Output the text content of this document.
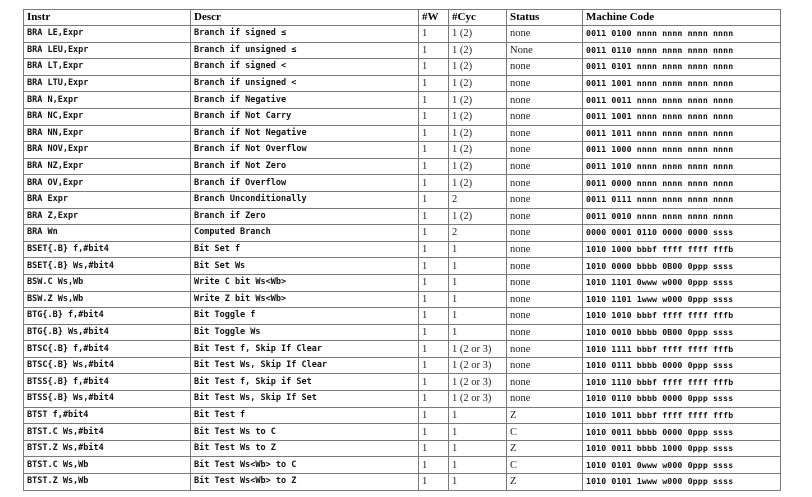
Instr	Descr	#W	#Cyc	Status	Machine Code
BRA LE,Expr	Branch if signed ≤	1	1 (2)	none	0011 0100 nnnn nnnn nnnn nnnn
BRA LEU,Expr	Branch if unsigned ≤	1	1 (2)	None	0011 0110 nnnn nnnn nnnn nnnn
BRA LT,Expr	Branch if signed <	1	1 (2)	none	0011 0101 nnnn nnnn nnnn nnnn
BRA LTU,Expr	Branch if unsigned <	1	1 (2)	none	0011 1001 nnnn nnnn nnnn nnnn
BRA N,Expr	Branch if Negative	1	1 (2)	none	0011 0011 nnnn nnnn nnnn nnnn
BRA NC,Expr	Branch if Not Carry	1	1 (2)	none	0011 1001 nnnn nnnn nnnn nnnn
BRA NN,Expr	Branch if Not Negative	1	1 (2)	none	0011 1011 nnnn nnnn nnnn nnnn
BRA NOV,Expr	Branch if Not Overflow	1	1 (2)	none	0011 1000 nnnn nnnn nnnn nnnn
BRA NZ,Expr	Branch if Not Zero	1	1 (2)	none	0011 1010 nnnn nnnn nnnn nnnn
BRA OV,Expr	Branch if Overflow	1	1 (2)	none	0011 0000 nnnn nnnn nnnn nnnn
BRA Expr	Branch Unconditionally	1	2	none	0011 0111 nnnn nnnn nnnn nnnn
BRA Z,Expr	Branch if Zero	1	1 (2)	none	0011 0010 nnnn nnnn nnnn nnnn
BRA Wn	Computed Branch	1	2	none	0000 0001 0110 0000 0000 ssss
BSET{.B} f,#bit4	Bit Set f	1	1	none	1010 1000 bbbf ffff ffff fffb
BSET{.B} Ws,#bit4	Bit Set Ws	1	1	none	1010 0000 bbbb 0B00 0ppp ssss
BSW.C Ws,Wb	Write C bit Ws<Wb>	1	1	none	1010 1101 0www w000 0ppp ssss
BSW.Z Ws,Wb	Write Z bit Ws<Wb>	1	1	none	1010 1101 1www w000 0ppp ssss
BTG{.B} f,#bit4	Bit Toggle f	1	1	none	1010 1010 bbbf ffff ffff fffb
BTG{.B} Ws,#bit4	Bit Toggle Ws	1	1	none	1010 0010 bbbb 0B00 0ppp ssss
BTSC{.B} f,#bit4	Bit Test f, Skip If Clear	1	1 (2 or 3)	none	1010 1111 bbbf ffff ffff fffb
BTSC{.B} Ws,#bit4	Bit Test Ws, Skip If Clear	1	1 (2 or 3)	none	1010 0111 bbbb 0000 0ppp ssss
BTSS{.B} f,#bit4	Bit Test f, Skip if Set	1	1 (2 or 3)	none	1010 1110 bbbf ffff ffff fffb
BTSS{.B} Ws,#bit4	Bit Test Ws, Skip If Set	1	1 (2 or 3)	none	1010 0110 bbbb 0000 0ppp ssss
BTST f,#bit4	Bit Test f	1	1	Z	1010 1011 bbbf ffff ffff fffb
BTST.C Ws,#bit4	Bit Test Ws to C	1	1	C	1010 0011 bbbb 0000 0ppp ssss
BTST.Z Ws,#bit4	Bit Test Ws to Z	1	1	Z	1010 0011 bbbb 1000 0ppp ssss
BTST.C Ws,Wb	Bit Test Ws<Wb> to C	1	1	C	1010 0101 0www w000 0ppp ssss
BTST.Z Ws,Wb	Bit Test Ws<Wb> to Z	1	1	Z	1010 0101 1www w000 0ppp ssss
